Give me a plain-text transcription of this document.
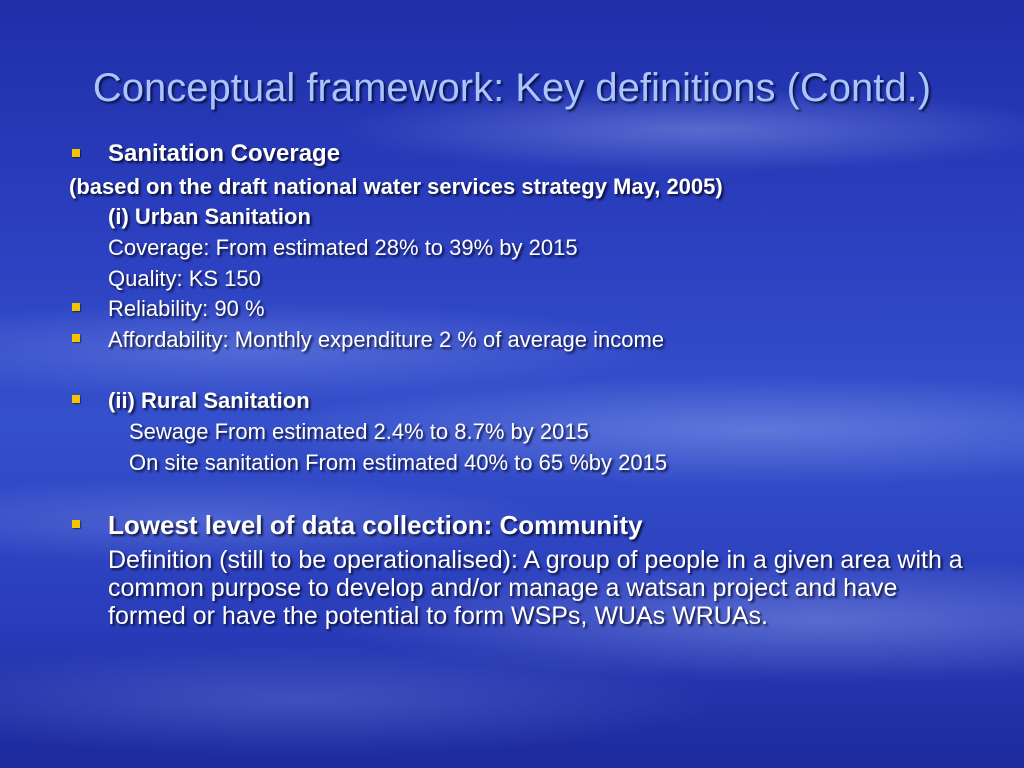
Conceptual framework: Key definitions (Contd.)
Sanitation Coverage
(based on the draft national water services strategy May, 2005)
(i) Urban Sanitation
Coverage: From estimated 28% to 39% by 2015
Quality: KS 150
Reliability: 90 %
Affordability: Monthly expenditure 2 % of average income
(ii) Rural Sanitation
Sewage From estimated 2.4% to 8.7% by 2015
On site sanitation From estimated 40% to 65 %by 2015
Lowest level of data collection: Community
Definition (still to be operationalised): A group of people in a given area with a common purpose to develop and/or manage a watsan project and have formed or have the potential to form WSPs, WUAs WRUAs.
